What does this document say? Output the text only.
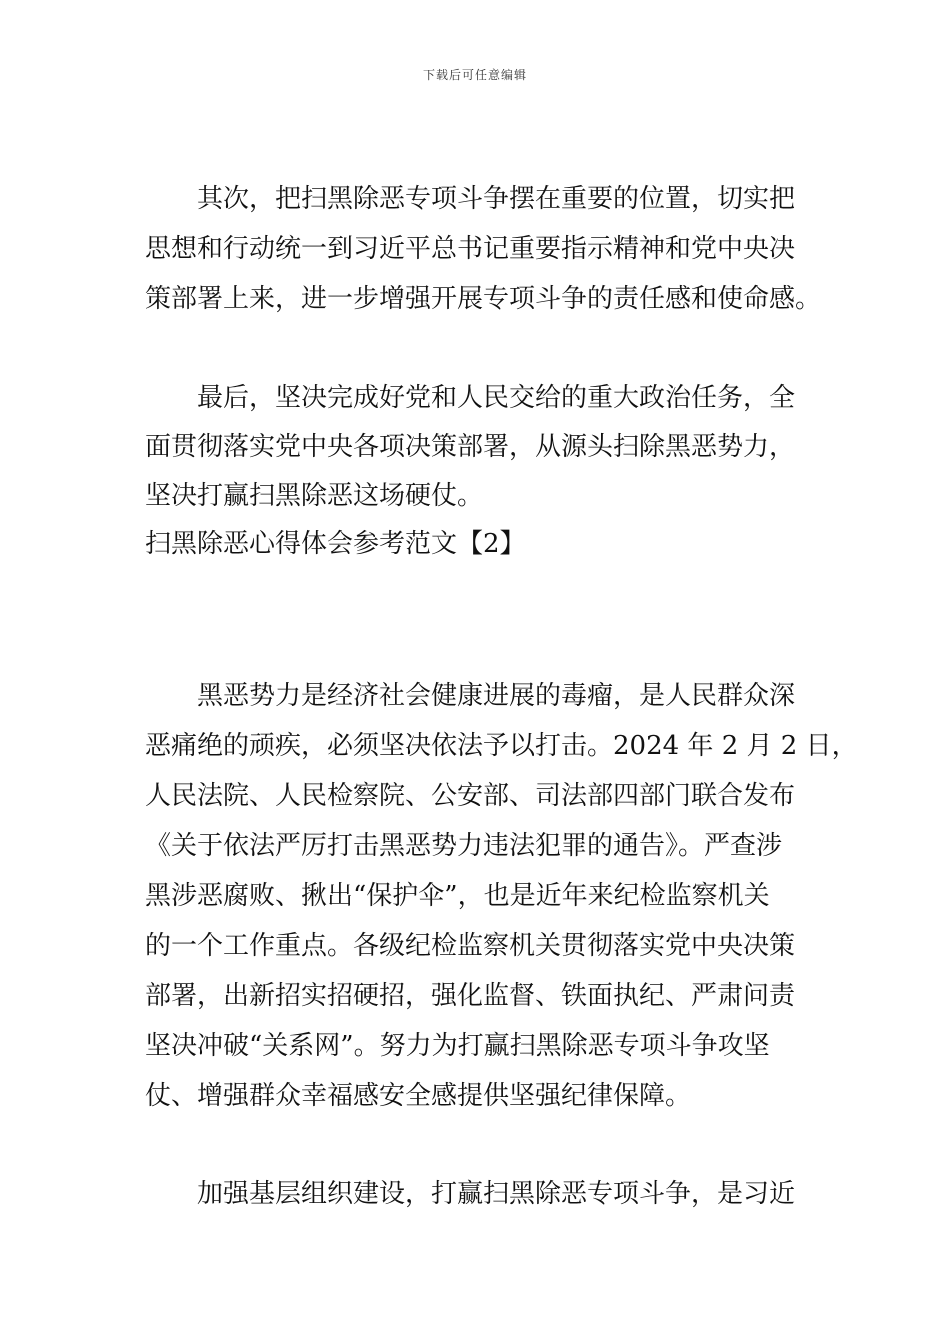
下载后可任意编辑
其次，把扫黑除恶专项斗争摆在重要的位置，切实把
思想和行动统一到习近平总书记重要指示精神和党中央决
策部署上来，进一步增强开展专项斗争的责任感和使命感。
最后，坚决完成好党和人民交给的重大政治任务，全
面贯彻落实党中央各项决策部署，从源头扫除黑恶势力，
坚决打赢扫黑除恶这场硬仗。
扫黑除恶心得体会参考范文【2】
黑恶势力是经济社会健康进展的毒瘤，是人民群众深
恶痛绝的顽疾，必须坚决依法予以打击。2024 年 2 月 2 日，
人民法院、人民检察院、公安部、司法部四部门联合发布
《关于依法严厉打击黑恶势力违法犯罪的通告》。严查涉
黑涉恶腐败、揪出“保护伞”，也是近年来纪检监察机关
的一个工作重点。各级纪检监察机关贯彻落实党中央决策
部署，出新招实招硬招，强化监督、铁面执纪、严肃问责
坚决冲破“关系网”。努力为打赢扫黑除恶专项斗争攻坚
仗、增强群众幸福感安全感提供坚强纪律保障。
加强基层组织建设，打赢扫黑除恶专项斗争，是习近
